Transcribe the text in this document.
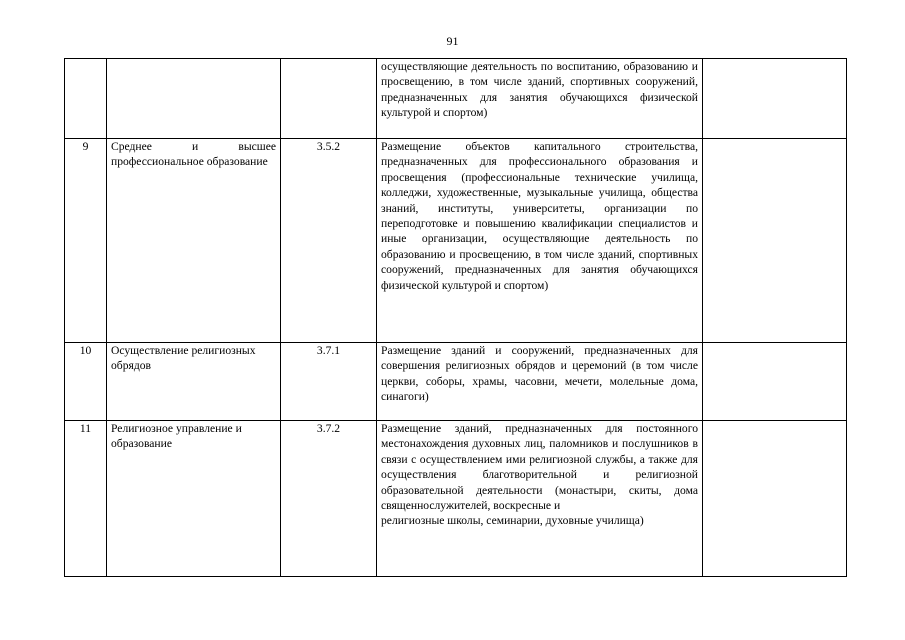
91
			осуществляющие деятельность по воспитанию, образованию и просвещению, в том числе зданий, спортивных сооружений, предназначенных для занятия обучающихся физической культурой и спортом)	
9	Среднее и высшее профессиональное образование	3.5.2	Размещение объектов капитального строительства, предназначенных для профессионального образования и просвещения (профессиональные технические училища, колледжи, художественные, музыкальные училища, общества знаний, институты, университеты, организации по переподготовке и повышению квалификации специалистов и иные организации, осуществляющие деятельность по образованию и просвещению, в том числе зданий, спортивных сооружений, предназначенных для занятия обучающихся физической культурой и спортом)	
10	Осуществление религиозных обрядов	3.7.1	Размещение зданий и сооружений, предназначенных для совершения религиозных обрядов и церемоний (в том числе церкви, соборы, храмы, часовни, мечети, молельные дома, синагоги)	
11	Религиозное управление и образование	3.7.2	Размещение зданий, предназначенных для постоянного местонахождения духовных лиц, паломников и послушников в связи с осуществлением ими религиозной службы, а также для осуществления благотворительной и религиозной образовательной деятельности (монастыри, скиты, дома священнослужителей, воскресные и
религиозные школы, семинарии, духовные училища)	
